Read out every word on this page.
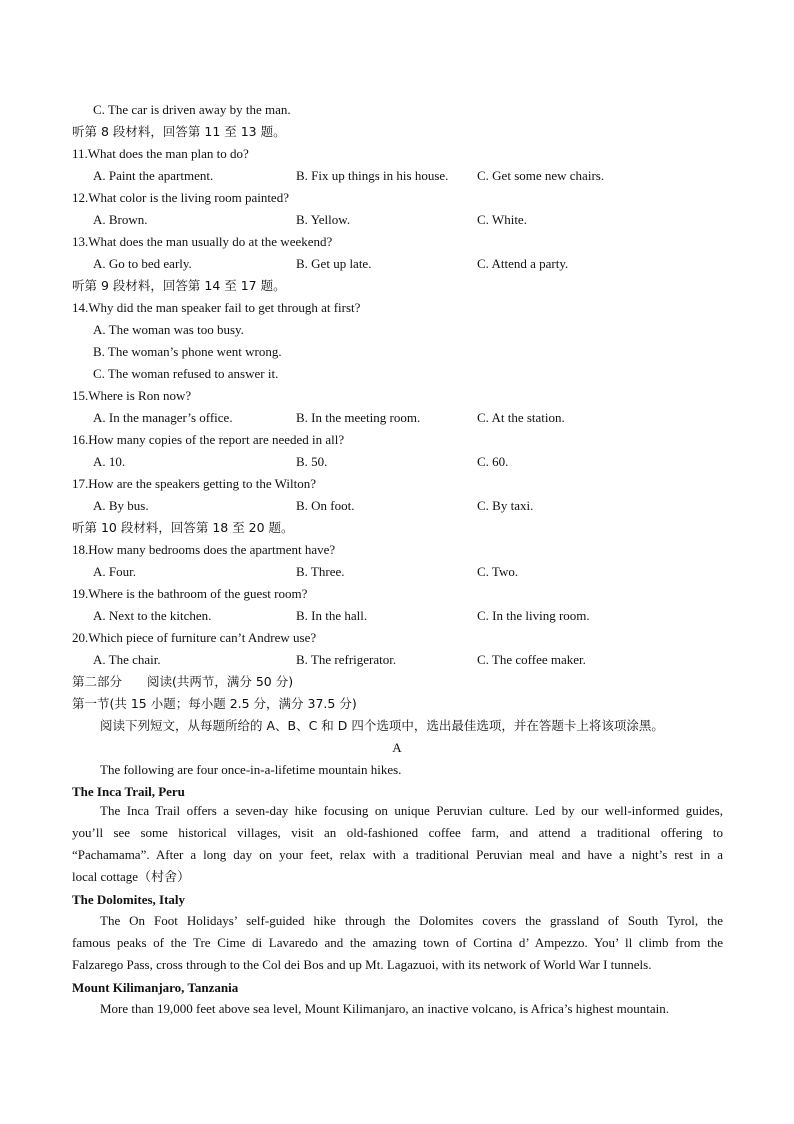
C. The car is driven away by the man.
听第 8 段材料，回答第 11 至 13 题。
11.What does the man plan to do?
A. Paint the apartment.	B. Fix up things in his house. C. Get some new chairs.
12.What color is the living room painted?
A. Brown.	B. Yellow.	C. White.
13.What does the man usually do at the weekend?
A. Go to bed early.	B. Get up late.	C. Attend a party.
听第 9 段材料，回答第 14 至 17 题。
14.Why did the man speaker fail to get through at first?
A. The woman was too busy.
B. The woman’s phone went wrong.
C. The woman refused to answer it.
15.Where is Ron now?
A. In the manager’s office.	B. In the meeting room.	C. At the station.
16.How many copies of the report are needed in all?
A. 10.	B. 50.	C. 60.
17.How are the speakers getting to the Wilton?
A. By bus.	B. On foot.	C. By taxi.
听第 10 段材料，回答第 18 至 20 题。
18.How many bedrooms does the apartment have?
A. Four.	B. Three.	C. Two.
19.Where is the bathroom of the guest room?
A. Next to the kitchen.	B. In the hall.	C. In the living room.
20.Which piece of furniture can’t Andrew use?
A. The chair.	B. The refrigerator.	C. The coffee maker.
第二部分　　阅读(共两节，满分 50 分)
第一节(共 15 小题；每小题 2.5 分，满分 37.5 分)
阅读下列短文，从每题所给的 A、B、C 和 D 四个选项中，选出最佳选项，并在答题卡上将该项涂黑。
A
The following are four once-in-a-lifetime mountain hikes.
The Inca Trail, Peru
The Inca Trail offers a seven-day hike focusing on unique Peruvian culture. Led by our well-informed guides,
you’ll see some historical villages, visit an old-fashioned coffee farm, and attend a traditional offering to
“Pachamama”. After a long day on your feet, relax with a traditional Peruvian meal and have a night’s rest in a
local cottage（村舍）
The Dolomites, Italy
The On Foot Holidays’ self-guided hike through the Dolomites covers the grassland of South Tyrol, the
famous peaks of the Tre Cime di Lavaredo and the amazing town of Cortina d’ Ampezzo. You’ ll climb from the
Falzarego Pass, cross through to the Col dei Bos and up Mt. Lagazuoi, with its network of World War I tunnels.
Mount Kilimanjaro, Tanzania
More than 19,000 feet above sea level, Mount Kilimanjaro, an inactive volcano, is Africa’s highest mountain.
